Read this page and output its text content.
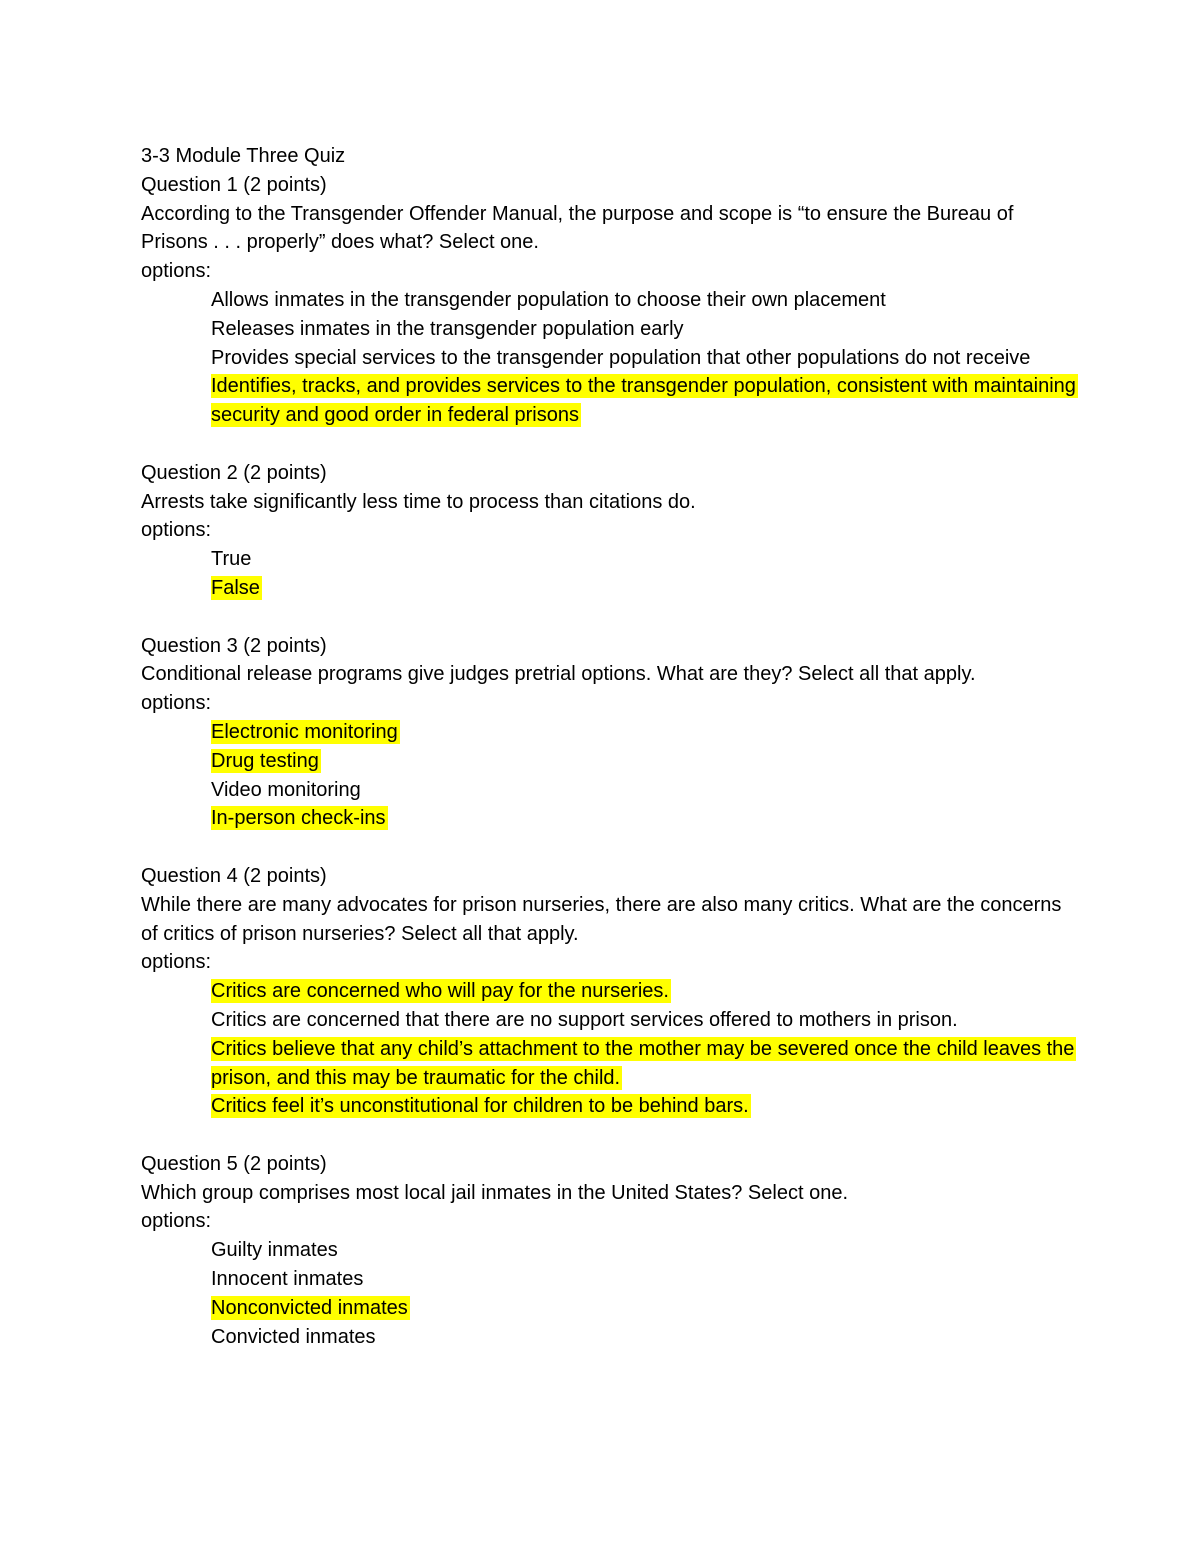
3-3 Module Three Quiz
Question 1 (2 points)
According to the Transgender Offender Manual, the purpose and scope is “to ensure the Bureau of Prisons . . . properly” does what? Select one.
options:
Allows inmates in the transgender population to choose their own placement
Releases inmates in the transgender population early
Provides special services to the transgender population that other populations do not receive
Identifies, tracks, and provides services to the transgender population, consistent with maintaining security and good order in federal prisons
Question 2 (2 points)
Arrests take significantly less time to process than citations do.
options:
True
False
Question 3 (2 points)
Conditional release programs give judges pretrial options. What are they? Select all that apply.
options:
Electronic monitoring
Drug testing
Video monitoring
In-person check-ins
Question 4 (2 points)
While there are many advocates for prison nurseries, there are also many critics. What are the concerns of critics of prison nurseries? Select all that apply.
options:
Critics are concerned who will pay for the nurseries.
Critics are concerned that there are no support services offered to mothers in prison.
Critics believe that any child’s attachment to the mother may be severed once the child leaves the prison, and this may be traumatic for the child.
Critics feel it’s unconstitutional for children to be behind bars.
Question 5 (2 points)
Which group comprises most local jail inmates in the United States? Select one.
options:
Guilty inmates
Innocent inmates
Nonconvicted inmates
Convicted inmates
